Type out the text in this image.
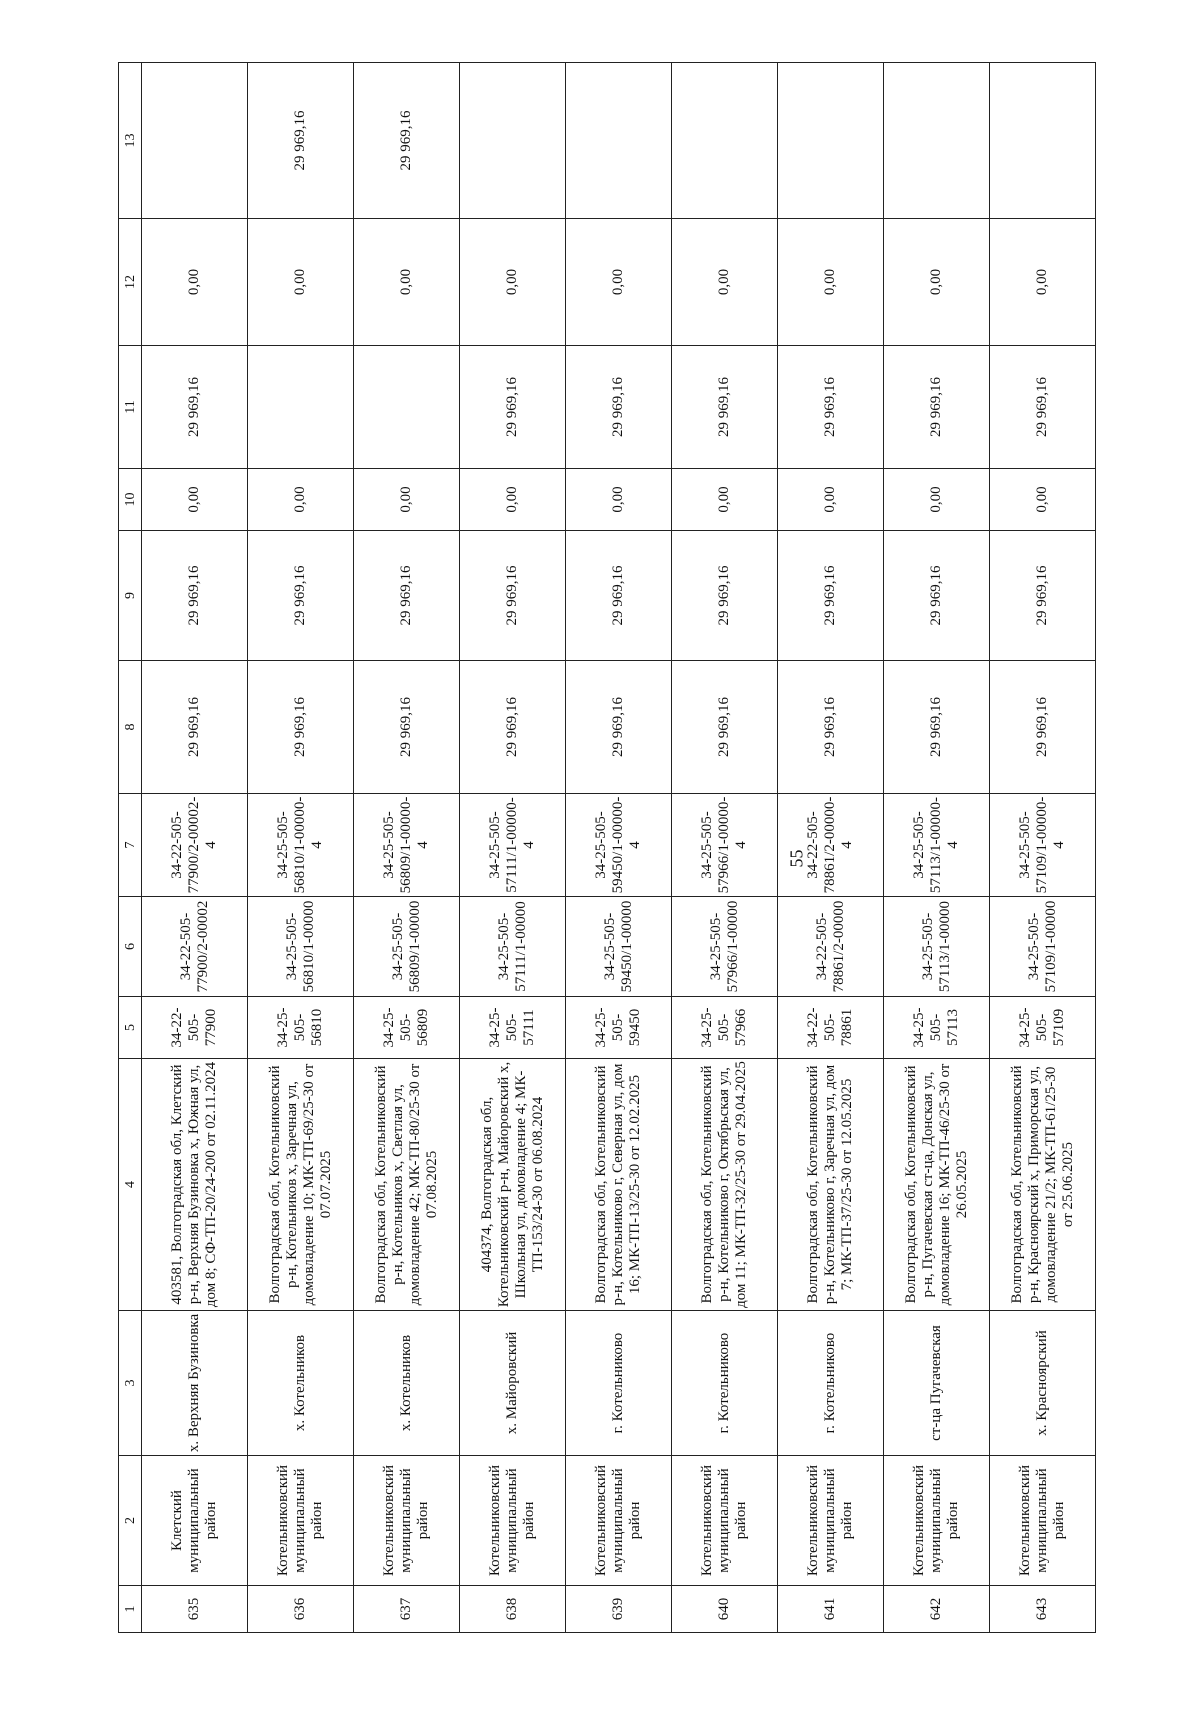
55
1	2	3	4	5	6	7	8	9	10	11	12	13
635	Клетский муниципальный район	х. Верхняя Бузиновка	403581, Волгоградская обл, Клетский р-н, Верхняя Бузиновка х, Южная ул, дом 8; СФ-ТП-20/24-200 от 02.11.2024	34-22-505-77900	34-22-505-77900/2-00002	34-22-505-77900/2-00002-4	29 969,16	29 969,16	0,00	29 969,16	0,00	
636	Котельниковский муниципальный район	х. Котельников	Волгоградская обл, Котельниковский р-н, Котельников х, Заречная ул, домовладение 10; МК-ТП-69/25-30 от 07.07.2025	34-25-505-56810	34-25-505-56810/1-00000	34-25-505-56810/1-00000-4	29 969,16	29 969,16	0,00		0,00	29 969,16
637	Котельниковский муниципальный район	х. Котельников	Волгоградская обл, Котельниковский р-н, Котельников х, Светлая ул, домовладение 42; МК-ТП-80/25-30 от 07.08.2025	34-25-505-56809	34-25-505-56809/1-00000	34-25-505-56809/1-00000-4	29 969,16	29 969,16	0,00		0,00	29 969,16
638	Котельниковский муниципальный район	х. Майоровский	404374, Волгоградская обл, Котельниковский р-н, Майоровский х, Школьная ул, домовладение 4; МК-ТП-153/24-30 от 06.08.2024	34-25-505-57111	34-25-505-57111/1-00000	34-25-505-57111/1-00000-4	29 969,16	29 969,16	0,00	29 969,16	0,00	
639	Котельниковский муниципальный район	г. Котельниково	Волгоградская обл, Котельниковский р-н, Котельниково г, Северная ул, дом 16; МК-ТП-13/25-30 от 12.02.2025	34-25-505-59450	34-25-505-59450/1-00000	34-25-505-59450/1-00000-4	29 969,16	29 969,16	0,00	29 969,16	0,00	
640	Котельниковский муниципальный район	г. Котельниково	Волгоградская обл, Котельниковский р-н, Котельниково г, Октябрьская ул, дом 11; МК-ТП-32/25-30 от 29.04.2025	34-25-505-57966	34-25-505-57966/1-00000	34-25-505-57966/1-00000-4	29 969,16	29 969,16	0,00	29 969,16	0,00	
641	Котельниковский муниципальный район	г. Котельниково	Волгоградская обл, Котельниковский р-н, Котельниково г, Заречная ул, дом 7; МК-ТП-37/25-30 от 12.05.2025	34-22-505-78861	34-22-505-78861/2-00000	34-22-505-78861/2-00000-4	29 969,16	29 969,16	0,00	29 969,16	0,00	
642	Котельниковский муниципальный район	ст-ца Пугачевская	Волгоградская обл, Котельниковский р-н, Пугачевская ст-ца, Донская ул, домовладение 16; МК-ТП-46/25-30 от 26.05.2025	34-25-505-57113	34-25-505-57113/1-00000	34-25-505-57113/1-00000-4	29 969,16	29 969,16	0,00	29 969,16	0,00	
643	Котельниковский муниципальный район	х. Красноярский	Волгоградская обл, Котельниковский р-н, Красноярский х, Приморская ул, домовладение 21/2; МК-ТП-61/25-30 от 25.06.2025	34-25-505-57109	34-25-505-57109/1-00000	34-25-505-57109/1-00000-4	29 969,16	29 969,16	0,00	29 969,16	0,00	
